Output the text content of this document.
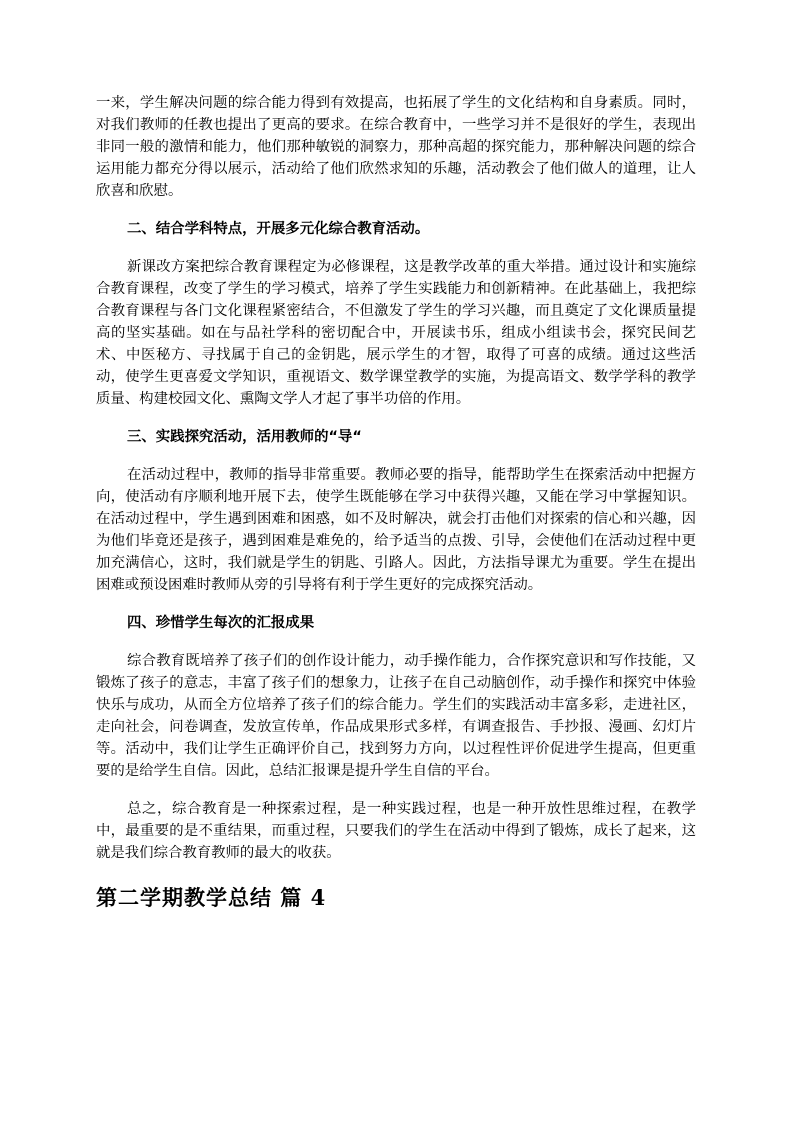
一来，学生解决问题的综合能力得到有效提高，也拓展了学生的文化结构和自身素质。同时，对我们教师的任教也提出了更高的要求。在综合教育中，一些学习并不是很好的学生，表现出非同一般的激情和能力，他们那种敏锐的洞察力，那种高超的探究能力，那种解决问题的综合运用能力都充分得以展示，活动给了他们欣然求知的乐趣，活动教会了他们做人的道理，让人欣喜和欣慰。

二、结合学科特点，开展多元化综合教育活动。

新课改方案把综合教育课程定为必修课程，这是教学改革的重大举措。通过设计和实施综合教育课程，改变了学生的学习模式，培养了学生实践能力和创新精神。在此基础上，我把综合教育课程与各门文化课程紧密结合，不但激发了学生的学习兴趣，而且奠定了文化课质量提高的坚实基础。如在与品社学科的密切配合中，开展读书乐，组成小组读书会，探究民间艺术、中医秘方、寻找属于自己的金钥匙，展示学生的才智，取得了可喜的成绩。通过这些活动，使学生更喜爱文学知识，重视语文、数学课堂教学的实施，为提高语文、数学学科的教学质量、构建校园文化、熏陶文学人才起了事半功倍的作用。

三、实践探究活动，活用教师的“导“

在活动过程中，教师的指导非常重要。教师必要的指导，能帮助学生在探索活动中把握方向，使活动有序顺利地开展下去，使学生既能够在学习中获得兴趣，又能在学习中掌握知识。在活动过程中，学生遇到困难和困惑，如不及时解决，就会打击他们对探索的信心和兴趣，因为他们毕竟还是孩子，遇到困难是难免的，给予适当的点拨、引导，会使他们在活动过程中更加充满信心，这时，我们就是学生的钥匙、引路人。因此，方法指导课尤为重要。学生在提出困难或预设困难时教师从旁的引导将有利于学生更好的完成探究活动。

四、珍惜学生每次的汇报成果

综合教育既培养了孩子们的创作设计能力，动手操作能力，合作探究意识和写作技能，又锻炼了孩子的意志，丰富了孩子们的想象力，让孩子在自己动脑创作，动手操作和探究中体验快乐与成功，从而全方位培养了孩子们的综合能力。学生们的实践活动丰富多彩，走进社区，走向社会，问卷调查，发放宣传单，作品成果形式多样，有调查报告、手抄报、漫画、幻灯片等。活动中，我们让学生正确评价自己，找到努力方向，以过程性评价促进学生提高，但更重要的是给学生自信。因此，总结汇报课是提升学生自信的平台。

总之，综合教育是一种探索过程，是一种实践过程，也是一种开放性思维过程，在教学中，最重要的是不重结果，而重过程，只要我们的学生在活动中得到了锻炼，成长了起来，这就是我们综合教育教师的最大的收获。

第二学期教学总结 篇 4
